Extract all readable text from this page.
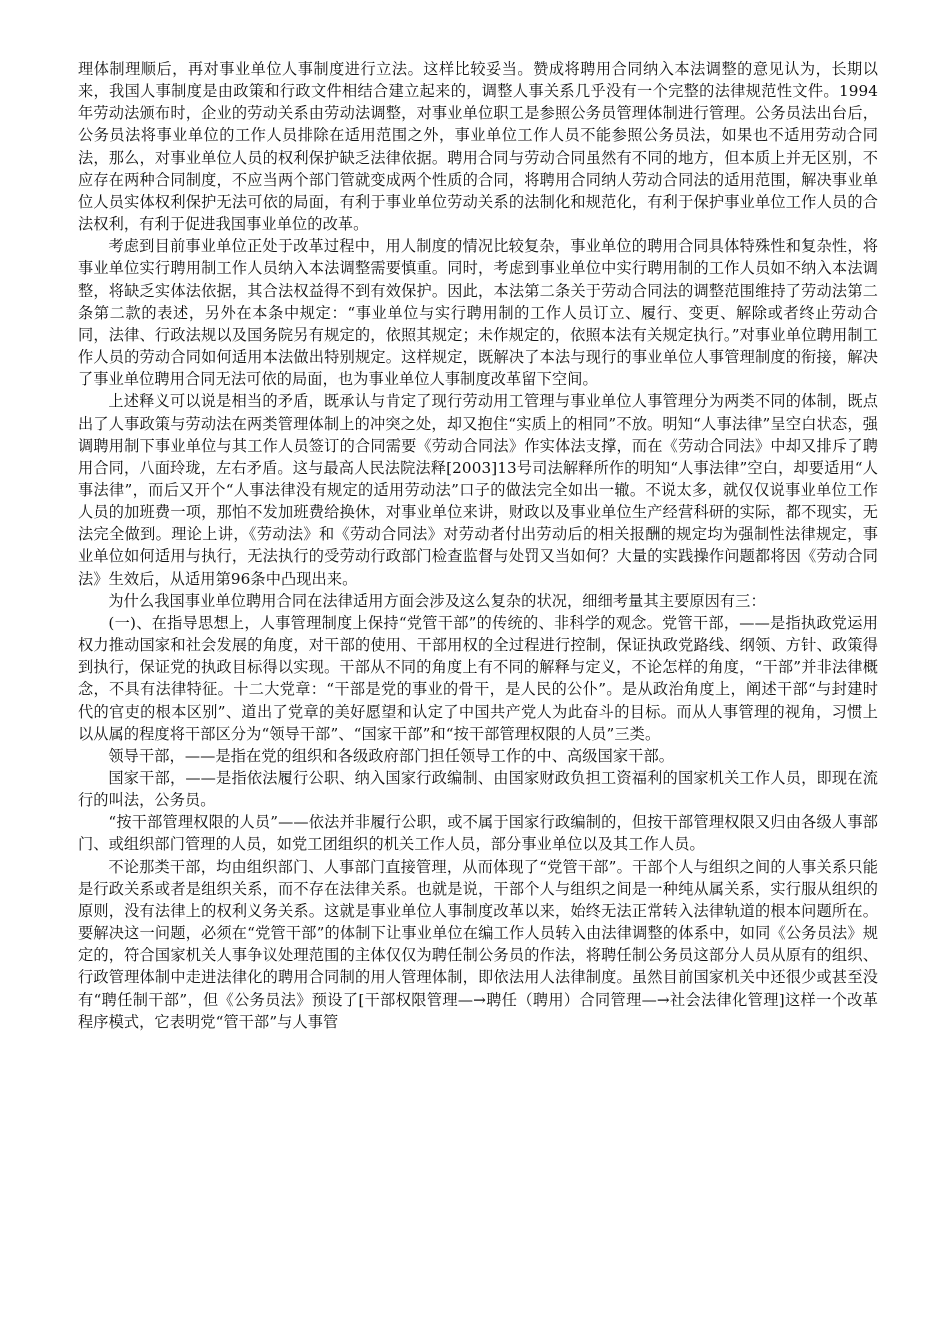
理体制理顺后，再对事业单位人事制度进行立法。这样比较妥当。赞成将聘用合同纳入本法调整的意见认为，长期以来，我国人事制度是由政策和行政文件相结合建立起来的，调整人事关系几乎没有一个完整的法律规范性文件。1994年劳动法颁布时，企业的劳动关系由劳动法调整，对事业单位职工是参照公务员管理体制进行管理。公务员法出台后，公务员法将事业单位的工作人员排除在适用范围之外，事业单位工作人员不能参照公务员法，如果也不适用劳动合同法，那么，对事业单位人员的权利保护缺乏法律依据。聘用合同与劳动合同虽然有不同的地方，但本质上并无区别，不应存在两种合同制度，不应当两个部门管就变成两个性质的合同，将聘用合同纳人劳动合同法的适用范围，解决事业单位人员实体权利保护无法可依的局面，有利于事业单位劳动关系的法制化和规范化，有利于保护事业单位工作人员的合法权利，有利于促进我国事业单位的改革。

考虑到目前事业单位正处于改革过程中，用人制度的情况比较复杂，事业单位的聘用合同具体特殊性和复杂性，将事业单位实行聘用制工作人员纳入本法调整需要慎重。同时，考虑到事业单位中实行聘用制的工作人员如不纳入本法调整，将缺乏实体法依据，其合法权益得不到有效保护。因此，本法第二条关于劳动合同法的调整范围维持了劳动法第二条第二款的表述，另外在本条中规定：“事业单位与实行聘用制的工作人员订立、履行、变更、解除或者终止劳动合同，法律、行政法规以及国务院另有规定的，依照其规定；未作规定的，依照本法有关规定执行。”对事业单位聘用制工作人员的劳动合同如何适用本法做出特别规定。这样规定，既解决了本法与现行的事业单位人事管理制度的衔接，解决了事业单位聘用合同无法可依的局面，也为事业单位人事制度改革留下空间。

上述释义可以说是相当的矛盾，既承认与肯定了现行劳动用工管理与事业单位人事管理分为两类不同的体制，既点出了人事政策与劳动法在两类管理体制上的冲突之处，却又抱住“实质上的相同”不放。明知“人事法律”呈空白状态，强调聘用制下事业单位与其工作人员签订的合同需要《劳动合同法》作实体法支撑，而在《劳动合同法》中却又排斥了聘用合同，八面玲珑，左右矛盾。这与最高人民法院法释[2003]13号司法解释所作的明知“人事法律”空白，却要适用“人事法律”，而后又开个“人事法律没有规定的适用劳动法”口子的做法完全如出一辙。不说太多，就仅仅说事业单位工作人员的加班费一项，那怕不发加班费给换休，对事业单位来讲，财政以及事业单位生产经营科研的实际，都不现实，无法完全做到。理论上讲，《劳动法》和《劳动合同法》对劳动者付出劳动后的相关报酬的规定均为强制性法律规定，事业单位如何适用与执行，无法执行的受劳动行政部门检查监督与处罚又当如何？大量的实践操作问题都将因《劳动合同法》生效后，从适用第96条中凸现出来。

为什么我国事业单位聘用合同在法律适用方面会涉及这么复杂的状况，细细考量其主要原因有三：

(一)、在指导思想上，人事管理制度上保持“党管干部”的传统的、非科学的观念。党管干部，——是指执政党运用权力推动国家和社会发展的角度，对干部的使用、干部用权的全过程进行控制，保证执政党路线、纲领、方针、政策得到执行，保证党的执政目标得以实现。干部从不同的角度上有不同的解释与定义，不论怎样的角度，“干部”并非法律概念，不具有法律特征。十二大党章：“干部是党的事业的骨干，是人民的公仆”。是从政治角度上，阐述干部“与封建时代的官吏的根本区别”、道出了党章的美好愿望和认定了中国共产党人为此奋斗的目标。而从人事管理的视角，习惯上以从属的程度将干部区分为“领导干部”、“国家干部”和“按干部管理权限的人员”三类。

领导干部，——是指在党的组织和各级政府部门担任领导工作的中、高级国家干部。

国家干部，——是指依法履行公职、纳入国家行政编制、由国家财政负担工资福利的国家机关工作人员，即现在流行的叫法，公务员。

“按干部管理权限的人员”——依法并非履行公职，或不属于国家行政编制的，但按干部管理权限又归由各级人事部门、或组织部门管理的人员，如党工团组织的机关工作人员，部分事业单位以及其工作人员。

不论那类干部，均由组织部门、人事部门直接管理，从而体现了“党管干部”。干部个人与组织之间的人事关系只能是行政关系或者是组织关系，而不存在法律关系。也就是说，干部个人与组织之间是一种纯从属关系，实行服从组织的原则，没有法律上的权利义务关系。这就是事业单位人事制度改革以来，始终无法正常转入法律轨道的根本问题所在。要解决这一问题，必须在“党管干部”的体制下让事业单位在编工作人员转入由法律调整的体系中，如同《公务员法》规定的，符合国家机关人事争议处理范围的主体仅仅为聘任制公务员的作法，将聘任制公务员这部分人员从原有的组织、行政管理体制中走进法律化的聘用合同制的用人管理体制，即依法用人法律制度。虽然目前国家机关中还很少或甚至没有“聘任制干部”，但《公务员法》预设了[干部权限管理—→聘任（聘用）合同管理—→社会法律化管理]这样一个改革程序模式，它表明党“管干部”与人事管
